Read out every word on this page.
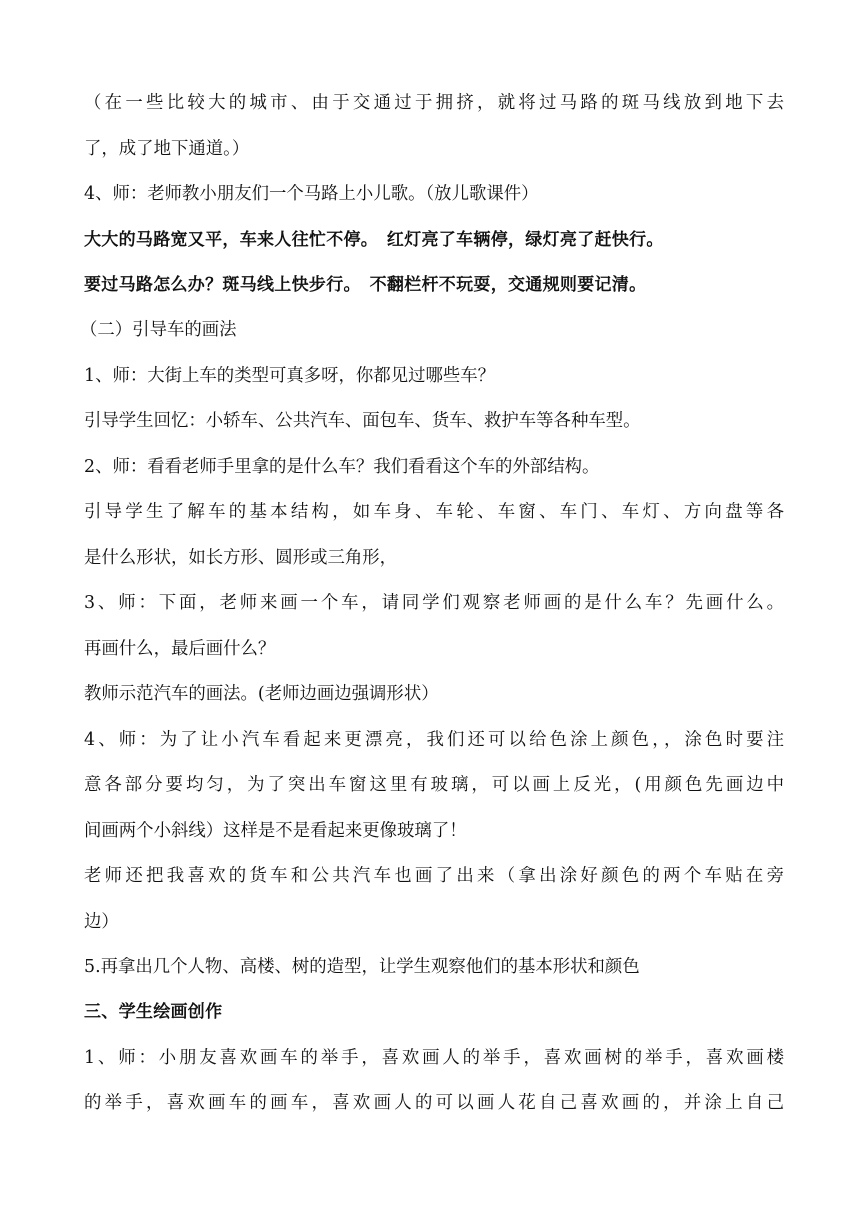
（在一些比较大的城市、由于交通过于拥挤，就将过马路的斑马线放到地下去
了，成了地下通道。）
4、师：老师教小朋友们一个马路上小儿歌。（放儿歌课件）
大大的马路宽又平，车来人往忙不停。　红灯亮了车辆停，绿灯亮了赶快行。
要过马路怎么办？斑马线上快步行。　不翻栏杆不玩耍，交通规则要记清。
（二）引导车的画法
1、师：大街上车的类型可真多呀，你都见过哪些车？
引导学生回忆：小轿车、公共汽车、面包车、货车、救护车等各种车型。
2、师：看看老师手里拿的是什么车？我们看看这个车的外部结构。
引导学生了解车的基本结构，如车身、车轮、车窗、车门、车灯、方向盘等各
是什么形状，如长方形、圆形或三角形，
3、师：下面，老师来画一个车，请同学们观察老师画的是什么车？先画什么。
再画什么，最后画什么？
教师示范汽车的画法。(老师边画边强调形状）
4、师：为了让小汽车看起来更漂亮，我们还可以给色涂上颜色，，涂色时要注
意各部分要均匀，为了突出车窗这里有玻璃，可以画上反光，(用颜色先画边中
间画两个小斜线）这样是不是看起来更像玻璃了！
老师还把我喜欢的货车和公共汽车也画了出来（拿出涂好颜色的两个车贴在旁
边）
5.再拿出几个人物、高楼、树的造型，让学生观察他们的基本形状和颜色
三、学生绘画创作
1、师：小朋友喜欢画车的举手，喜欢画人的举手，喜欢画树的举手，喜欢画楼
的举手，喜欢画车的画车，喜欢画人的可以画人花自己喜欢画的，并涂上自己
